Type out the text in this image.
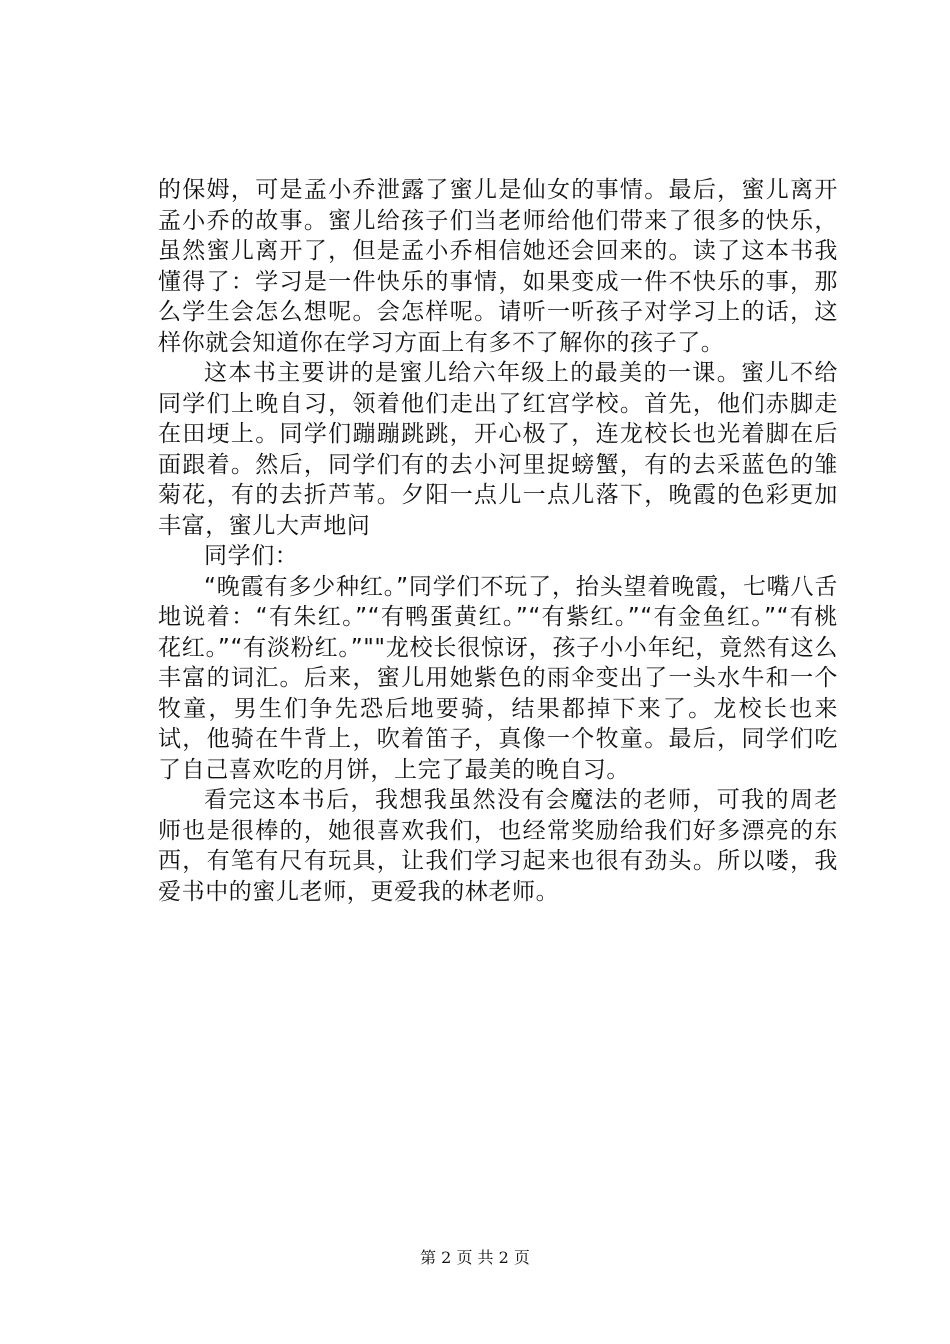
的保姆，可是孟小乔泄露了蜜儿是仙女的事情。最后，蜜儿离开孟小乔的故事。蜜儿给孩子们当老师给他们带来了很多的快乐，虽然蜜儿离开了，但是孟小乔相信她还会回来的。读了这本书我懂得了：学习是一件快乐的事情，如果变成一件不快乐的事，那么学生会怎么想呢。会怎样呢。请听一听孩子对学习上的话，这样你就会知道你在学习方面上有多不了解你的孩子了。

这本书主要讲的是蜜儿给六年级上的最美的一课。蜜儿不给同学们上晚自习，领着他们走出了红宫学校。首先，他们赤脚走在田埂上。同学们蹦蹦跳跳，开心极了，连龙校长也光着脚在后面跟着。然后，同学们有的去小河里捉螃蟹，有的去采蓝色的雏菊花，有的去折芦苇。夕阳一点儿一点儿落下，晚霞的色彩更加丰富，蜜儿大声地问

同学们：

“晚霞有多少种红。”同学们不玩了，抬头望着晚霞，七嘴八舌地说着：“有朱红。”“有鸭蛋黄红。”“有紫红。”“有金鱼红。”“有桃花红。”“有淡粉红。”""龙校长很惊讶，孩子小小年纪，竟然有这么丰富的词汇。后来，蜜儿用她紫色的雨伞变出了一头水牛和一个牧童，男生们争先恐后地要骑，结果都掉下来了。龙校长也来试，他骑在牛背上，吹着笛子，真像一个牧童。最后，同学们吃了自己喜欢吃的月饼，上完了最美的晚自习。

看完这本书后，我想我虽然没有会魔法的老师，可我的周老师也是很棒的，她很喜欢我们，也经常奖励给我们好多漂亮的东西，有笔有尺有玩具，让我们学习起来也很有劲头。所以喽，我爱书中的蜜儿老师，更爱我的林老师。

第 2 页 共 2 页
